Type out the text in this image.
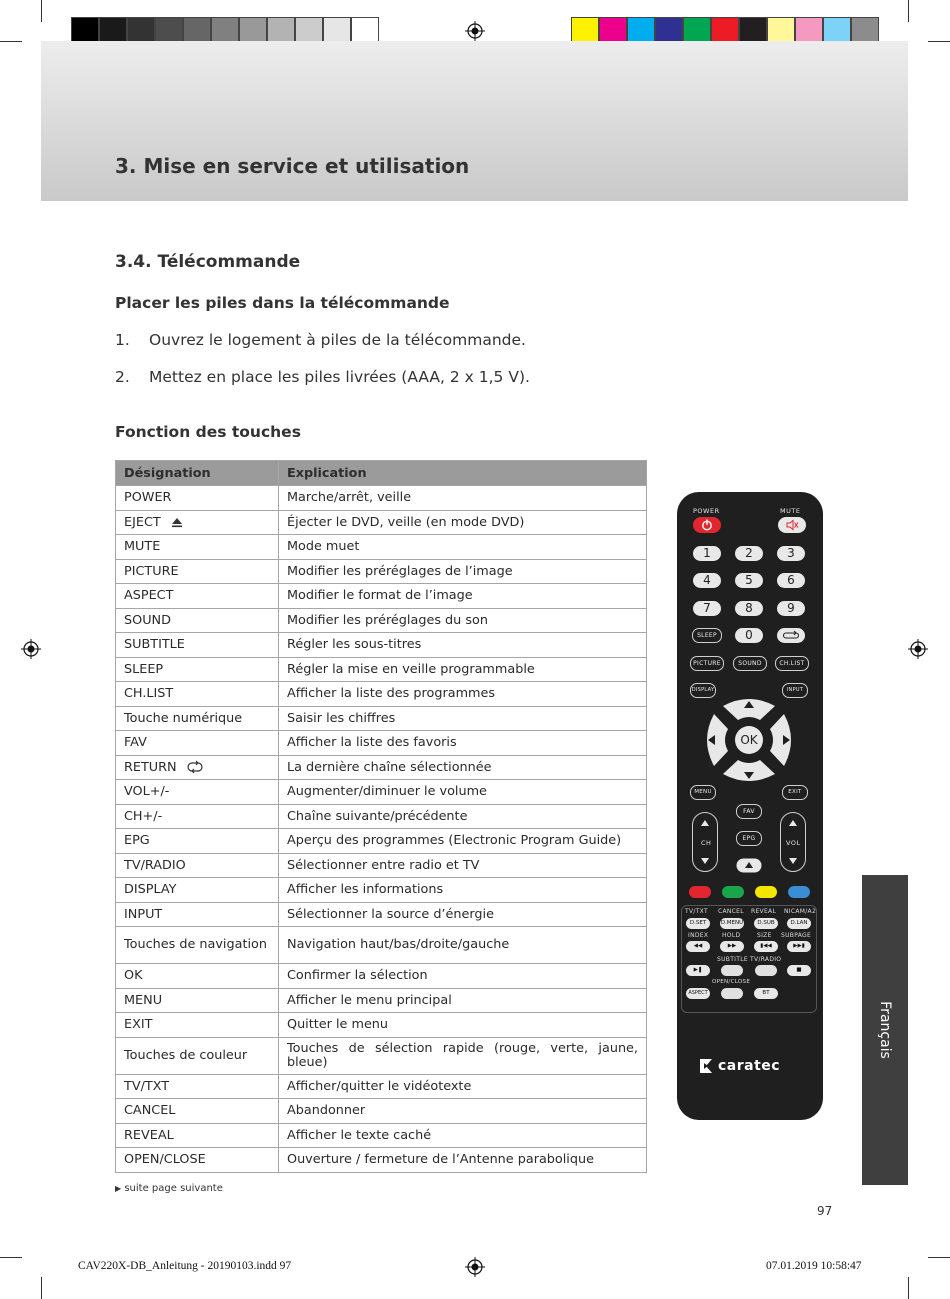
3. Mise en service et utilisation
3.4. Télécommande
Placer les piles dans la télécommande
1. Ouvrez le logement à piles de la télécommande.
2. Mettez en place les piles livrées (AAA, 2 x 1,5 V).
Fonction des touches
Désignation	Explication
POWER	Marche/arrêt, veille
EJECT	Éjecter le DVD, veille (en mode DVD)
MUTE	Mode muet
PICTURE	Modifier les préréglages de l’image
ASPECT	Modifier le format de l’image
SOUND	Modifier les préréglages du son
SUBTITLE	Régler les sous-titres
SLEEP	Régler la mise en veille programmable
CH.LIST	Afficher la liste des programmes
Touche numérique	Saisir les chiffres
FAV	Afficher la liste des favoris
RETURN	La dernière chaîne sélectionnée
VOL+/-	Augmenter/diminuer le volume
CH+/-	Chaîne suivante/précédente
EPG	Aperçu des programmes (Electronic Program Guide)
TV/RADIO	Sélectionner entre radio et TV
DISPLAY	Afficher les informations
INPUT	Sélectionner la source d’énergie
Touches de navigation	Navigation haut/bas/droite/gauche
OK	Confirmer la sélection
MENU	Afficher le menu principal
EXIT	Quitter le menu
Touches de couleur	Touches de sélection rapide (rouge, verte, jaune, bleue)
TV/TXT	Afficher/quitter le vidéotexte
CANCEL	Abandonner
REVEAL	Afficher le texte caché
OPEN/CLOSE	Ouverture / fermeture de l’Antenne parabolique
▶ suite page suivante
97
Français
CAV220X-DB_Anleitung - 20190103.indd 97	07.01.2019 10:58:47
POWER	MUTE
1	2	3
4	5	6
7	8	9
SLEEP	0
PICTURE	SOUND	CH.LIST
DISPLAY	INPUT
OK
MENU	EXIT
FAV
EPG
CH	VOL
TV/TXT CANCEL REVEAL NICAM/A2
D.SET	D.MENU	D.SUB	D.LAN
INDEX HOLD	SIZE SUBPAGE
◀◀	▶▶	▮◀◀	▶▶▮
SUBTITLE TV/RADIO
▶❚	■
OPEN/CLOSE
ASPECT	BT
caratec
